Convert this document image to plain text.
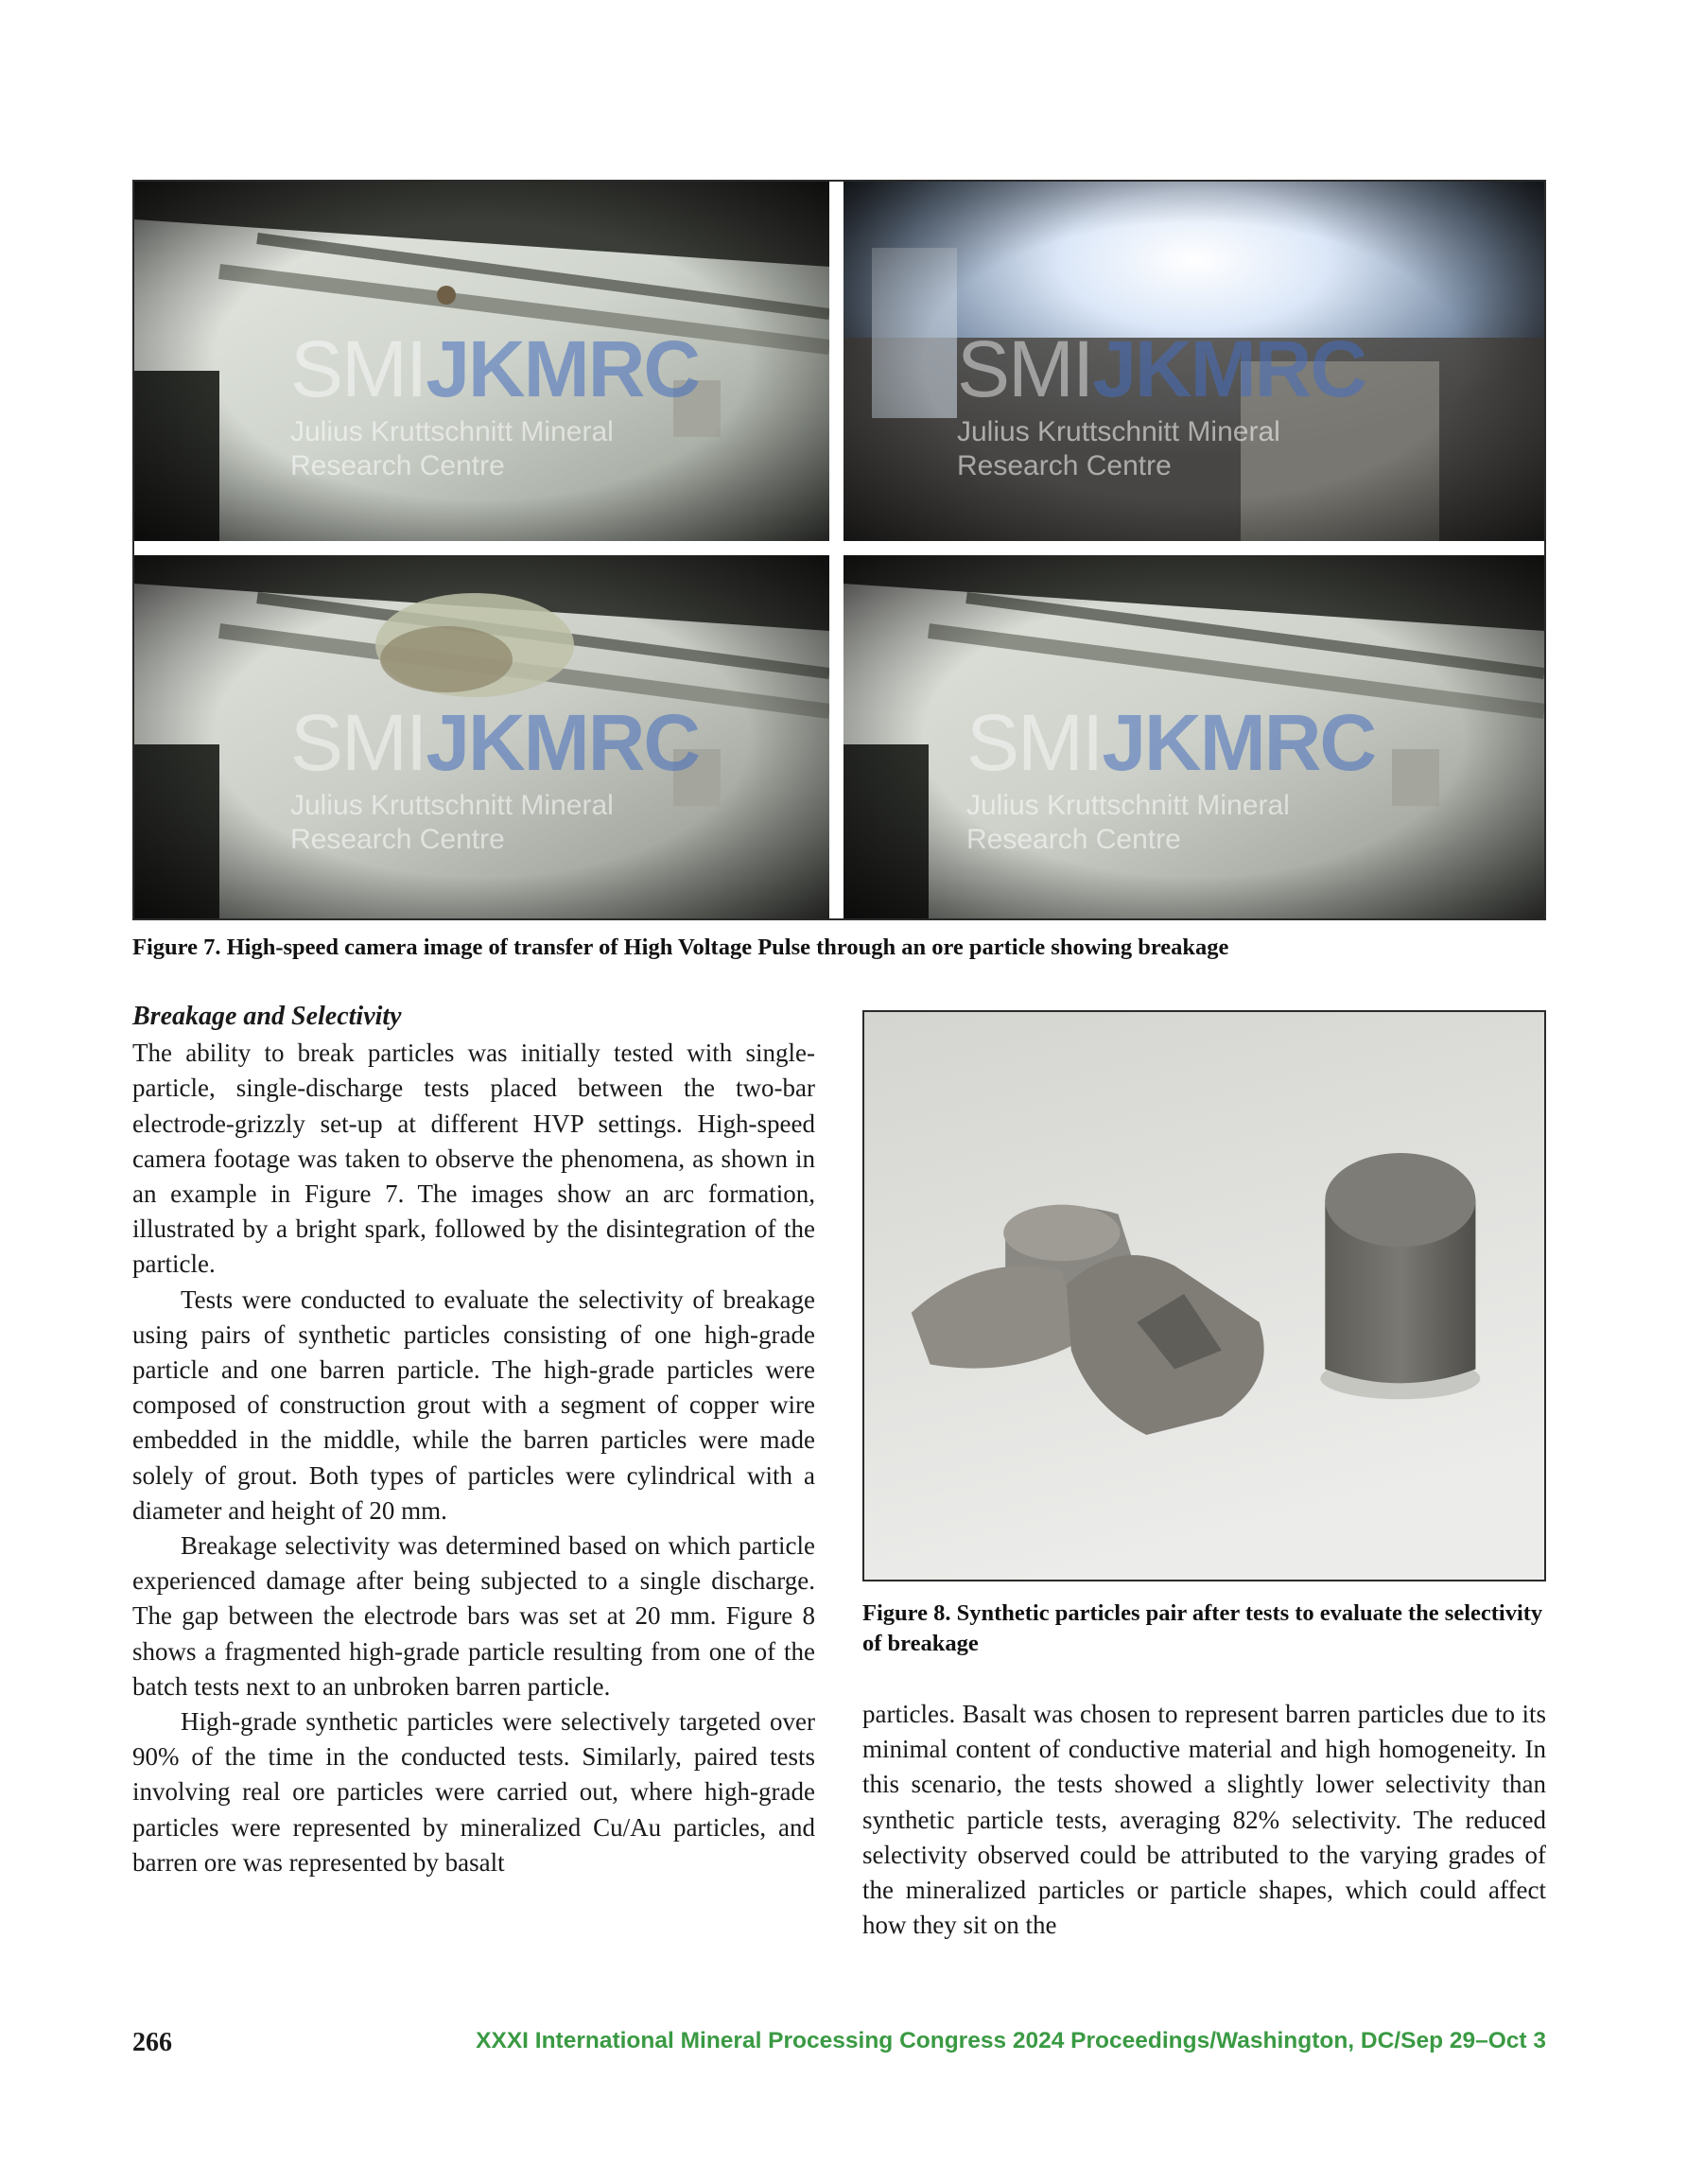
SMIJKMRC
Julius Kruttschnitt Mineral
Research Centre
SMIJKMRC
Julius Kruttschnitt Mineral
Research Centre
SMIJKMRC
Julius Kruttschnitt Mineral
Research Centre
SMIJKMRC
Julius Kruttschnitt Mineral
Research Centre
Figure 7. High-speed camera image of transfer of High Voltage Pulse through an ore particle showing breakage
Breakage and Selectivity

The ability to break particles was initially tested with single-particle, single-discharge tests placed between the two-bar electrode-grizzly set-up at different HVP settings. High-speed camera footage was taken to observe the phenomena, as shown in an example in Figure 7. The images show an arc formation, illustrated by a bright spark, followed by the disintegration of the particle.

Tests were conducted to evaluate the selectivity of breakage using pairs of synthetic particles consisting of one high-grade particle and one barren particle. The high-grade particles were composed of construction grout with a segment of copper wire embedded in the middle, while the barren particles were made solely of grout. Both types of particles were cylindrical with a diameter and height of 20 mm.

Breakage selectivity was determined based on which particle experienced damage after being subjected to a single discharge. The gap between the electrode bars was set at 20 mm. Figure 8 shows a fragmented high-grade particle resulting from one of the batch tests next to an unbroken barren particle.

High-grade synthetic particles were selectively targeted over 90% of the time in the conducted tests. Similarly, paired tests involving real ore particles were carried out, where high-grade particles were represented by mineralized Cu/Au particles, and barren ore was represented by basalt

Figure 8. Synthetic particles pair after tests to evaluate the selectivity of breakage

particles. Basalt was chosen to represent barren particles due to its minimal content of conductive material and high homogeneity. In this scenario, the tests showed a slightly lower selectivity than synthetic particle tests, averaging 82% selectivity. The reduced selectivity observed could be attributed to the varying grades of the mineralized particles or particle shapes, which could affect how they sit on the

266	XXXI International Mineral Processing Congress 2024 Proceedings/Washington, DC/Sep 29–Oct 3
